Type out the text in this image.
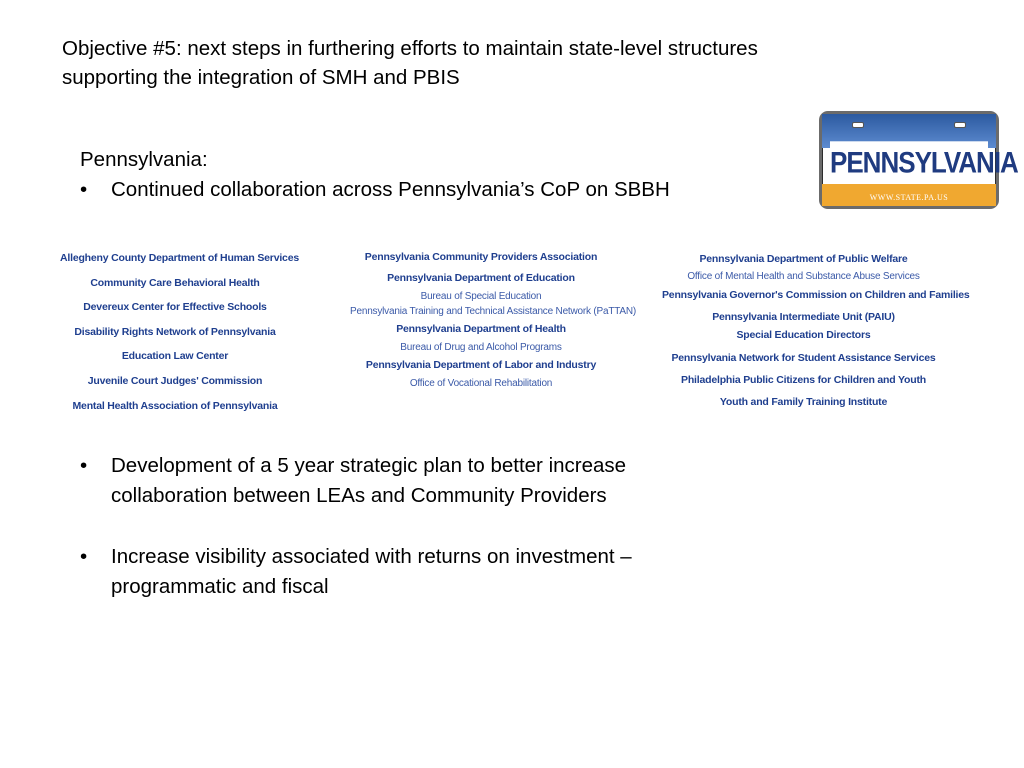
Objective #5: next steps in furthering efforts to maintain state-level structures
supporting the integration of SMH and PBIS
Pennsylvania:
• Continued collaboration across Pennsylvania’s CoP on SBBH
PENNSYLVANIA
WWW.STATE.PA.US
Allegheny County Department of Human Services
Community Care Behavioral Health
Devereux Center for Effective Schools
Disability Rights Network of Pennsylvania
Education Law Center
Juvenile Court Judges' Commission
Mental Health Association of Pennsylvania
Pennsylvania Community Providers Association
Pennsylvania Department of Education
Bureau of Special Education
Pennsylvania Training and Technical Assistance Network (PaTTAN)
Pennsylvania Department of Health
Bureau of Drug and Alcohol Programs
Pennsylvania Department of Labor and Industry
Office of Vocational Rehabilitation
Pennsylvania Department of Public Welfare
Office of Mental Health and Substance Abuse Services
Pennsylvania Governor's Commission on Children and Families
Pennsylvania Intermediate Unit (PAIU)
Special Education Directors
Pennsylvania Network for Student Assistance Services
Philadelphia Public Citizens for Children and Youth
Youth and Family Training Institute
• Development of a 5 year strategic plan to better increase
collaboration between LEAs and Community Providers
• Increase visibility associated with returns on investment –
programmatic and fiscal
